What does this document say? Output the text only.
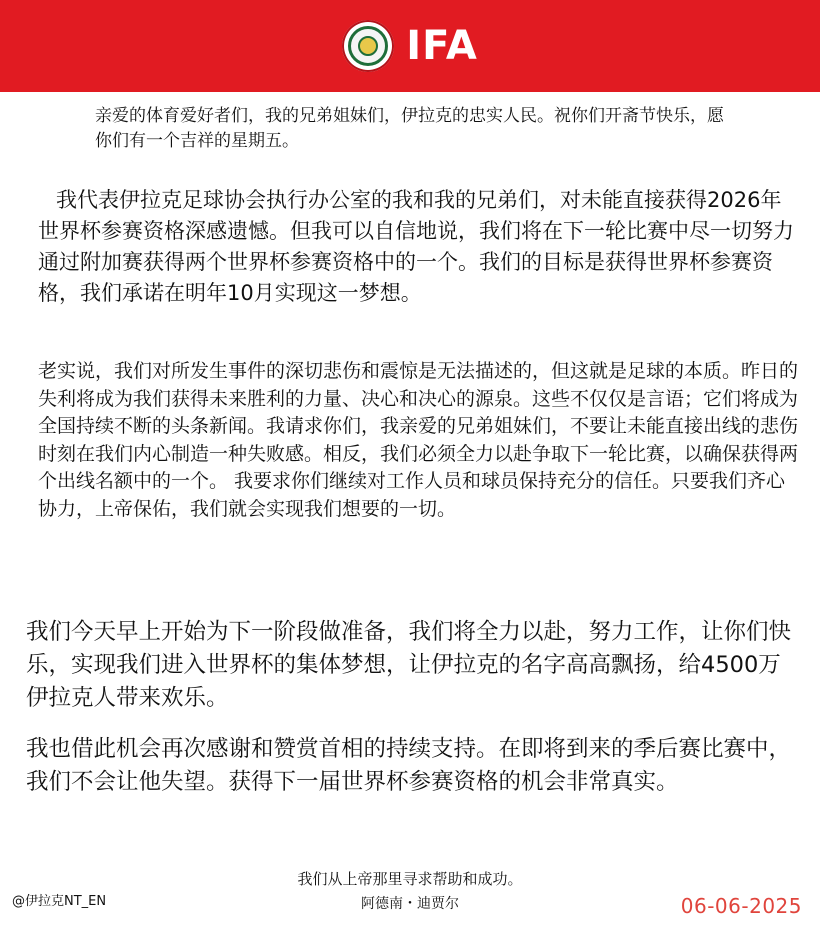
IFA

亲爱的体育爱好者们，我的兄弟姐妹们，伊拉克的忠实人民。祝你们开斋节快乐，愿你们有一个吉祥的星期五。

我代表伊拉克足球协会执行办公室的我和我的兄弟们，对未能直接获得2026年世界杯参赛资格深感遗憾。但我可以自信地说，我们将在下一轮比赛中尽一切努力通过附加赛获得两个世界杯参赛资格中的一个。我们的目标是获得世界杯参赛资格，我们承诺在明年10月实现这一梦想。

老实说，我们对所发生事件的深切悲伤和震惊是无法描述的，但这就是足球的本质。昨日的失利将成为我们获得未来胜利的力量、决心和决心的源泉。这些不仅仅是言语；它们将成为全国持续不断的头条新闻。我请求你们，我亲爱的兄弟姐妹们，不要让未能直接出线的悲伤时刻在我们内心制造一种失败感。相反，我们必须全力以赴争取下一轮比赛，以确保获得两个出线名额中的一个。 我要求你们继续对工作人员和球员保持充分的信任。只要我们齐心协力，上帝保佑，我们就会实现我们想要的一切。

我们今天早上开始为下一阶段做准备，我们将全力以赴，努力工作，让你们快乐，实现我们进入世界杯的集体梦想，让伊拉克的名字高高飘扬，给4500万伊拉克人带来欢乐。

我也借此机会再次感谢和赞赏首相的持续支持。在即将到来的季后赛比赛中，我们不会让他失望。获得下一届世界杯参赛资格的机会非常真实。

我们从上帝那里寻求帮助和成功。
阿德南・迪贾尔
@伊拉克NT_EN	06-06-2025
